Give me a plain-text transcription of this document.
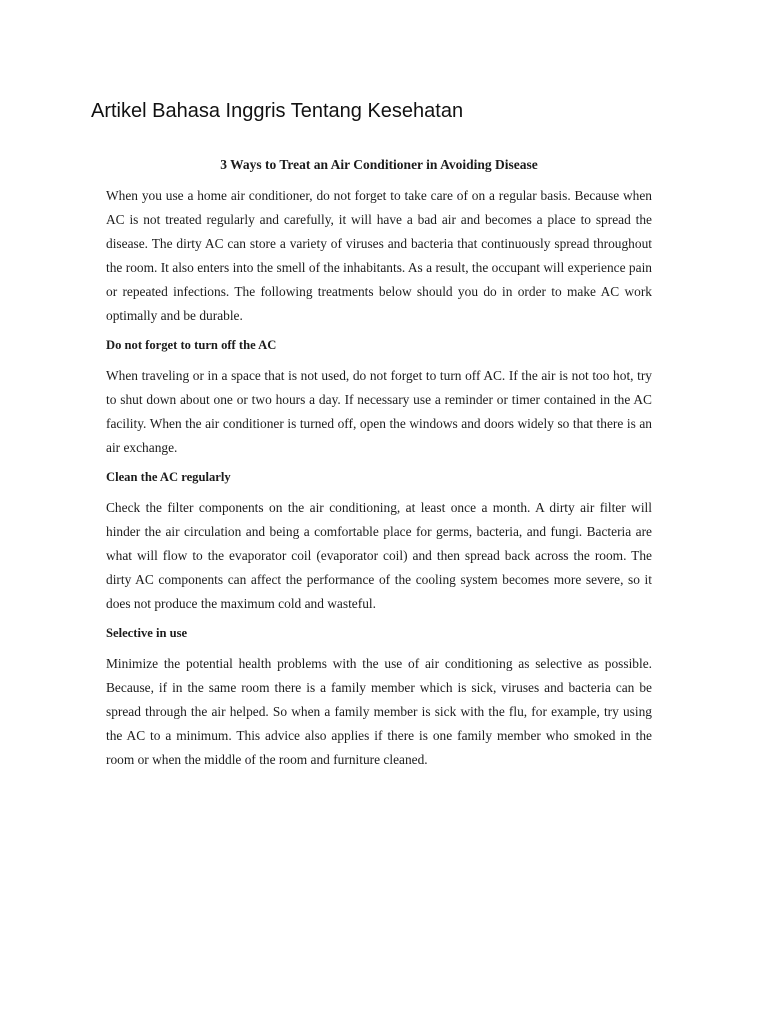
Artikel Bahasa Inggris Tentang Kesehatan
3 Ways to Treat an Air Conditioner in Avoiding Disease

When you use a home air conditioner, do not forget to take care of on a regular basis. Because when AC is not treated regularly and carefully, it will have a bad air and becomes a place to spread the disease. The dirty AC can store a variety of viruses and bacteria that continuously spread throughout the room. It also enters into the smell of the inhabitants. As a result, the occupant will experience pain or repeated infections. The following treatments below should you do in order to make AC work optimally and be durable.

Do not forget to turn off the AC

When traveling or in a space that is not used, do not forget to turn off AC. If the air is not too hot, try to shut down about one or two hours a day. If necessary use a reminder or timer contained in the AC facility. When the air conditioner is turned off, open the windows and doors widely so that there is an air exchange.

Clean the AC regularly

Check the filter components on the air conditioning, at least once a month. A dirty air filter will hinder the air circulation and being a comfortable place for germs, bacteria, and fungi. Bacteria are what will flow to the evaporator coil (evaporator coil) and then spread back across the room. The dirty AC components can affect the performance of the cooling system becomes more severe, so it does not produce the maximum cold and wasteful.

Selective in use

Minimize the potential health problems with the use of air conditioning as selective as possible. Because, if in the same room there is a family member which is sick, viruses and bacteria can be spread through the air helped. So when a family member is sick with the flu, for example, try using the AC to a minimum. This advice also applies if there is one family member who smoked in the room or when the middle of the room and furniture cleaned.
